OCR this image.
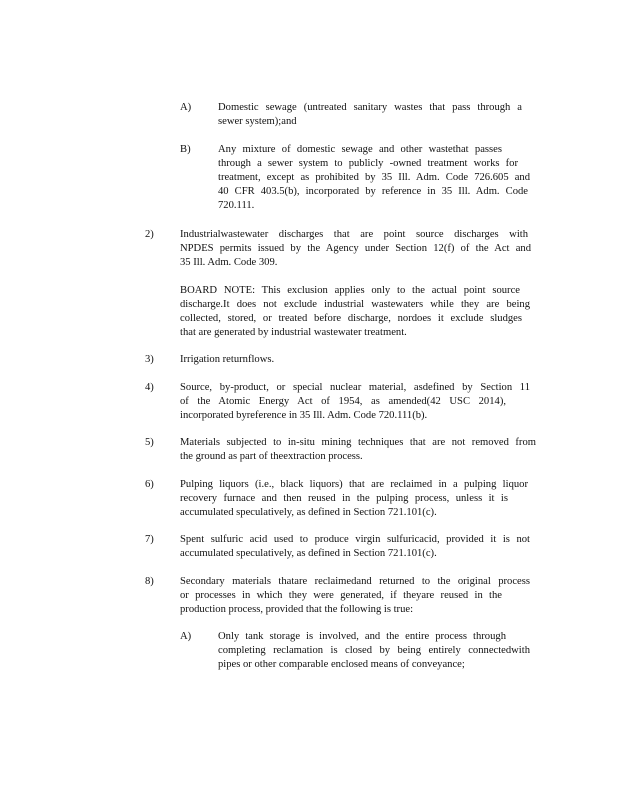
A)	Domestic sewage (untreated sanitary wastes that pass through a
sewer system);and
B)	Any mixture of domestic sewage and other wastethat passes
through a sewer system to publicly -owned treatment works for
treatment, except as prohibited by 35 Ill. Adm. Code 726.605 and
40 CFR 403.5(b), incorporated by reference in 35 Ill. Adm. Code
720.111.
2) Industrialwastewater discharges that are point source discharges with
NPDES permits issued by the Agency under Section 12(f) of the Act and
35 Ill. Adm. Code 309.
BOARD NOTE: This exclusion applies only to the actual point source
discharge.It does not exclude industrial wastewaters while they are being
collected, stored, or treated before discharge, nordoes it exclude sludges
that are generated by industrial wastewater treatment.
3) Irrigation returnflows.
4) Source, by-product, or special nuclear material, asdefined by Section 11
of the Atomic Energy Act of 1954, as amended(42 USC 2014),
incorporated byreference in 35 Ill. Adm. Code 720.111(b).
5) Materials subjected to in-situ mining techniques that are not removed from
the ground as part of theextraction process.
6) Pulping liquors (i.e., black liquors) that are reclaimed in a pulping liquor
recovery furnace and then reused in the pulping process, unless it is
accumulated speculatively, as defined in Section 721.101(c).
7) Spent sulfuric acid used to produce virgin sulfuricacid, provided it is not
accumulated speculatively, as defined in Section 721.101(c).
8) Secondary materials thatare reclaimedand returned to the original process
or processes in which they were generated, if theyare reused in the
production process, provided that the following is true:
A)	Only tank storage is involved, and the entire process through
completing reclamation is closed by being entirely connectedwith
pipes or other comparable enclosed means of conveyance;
